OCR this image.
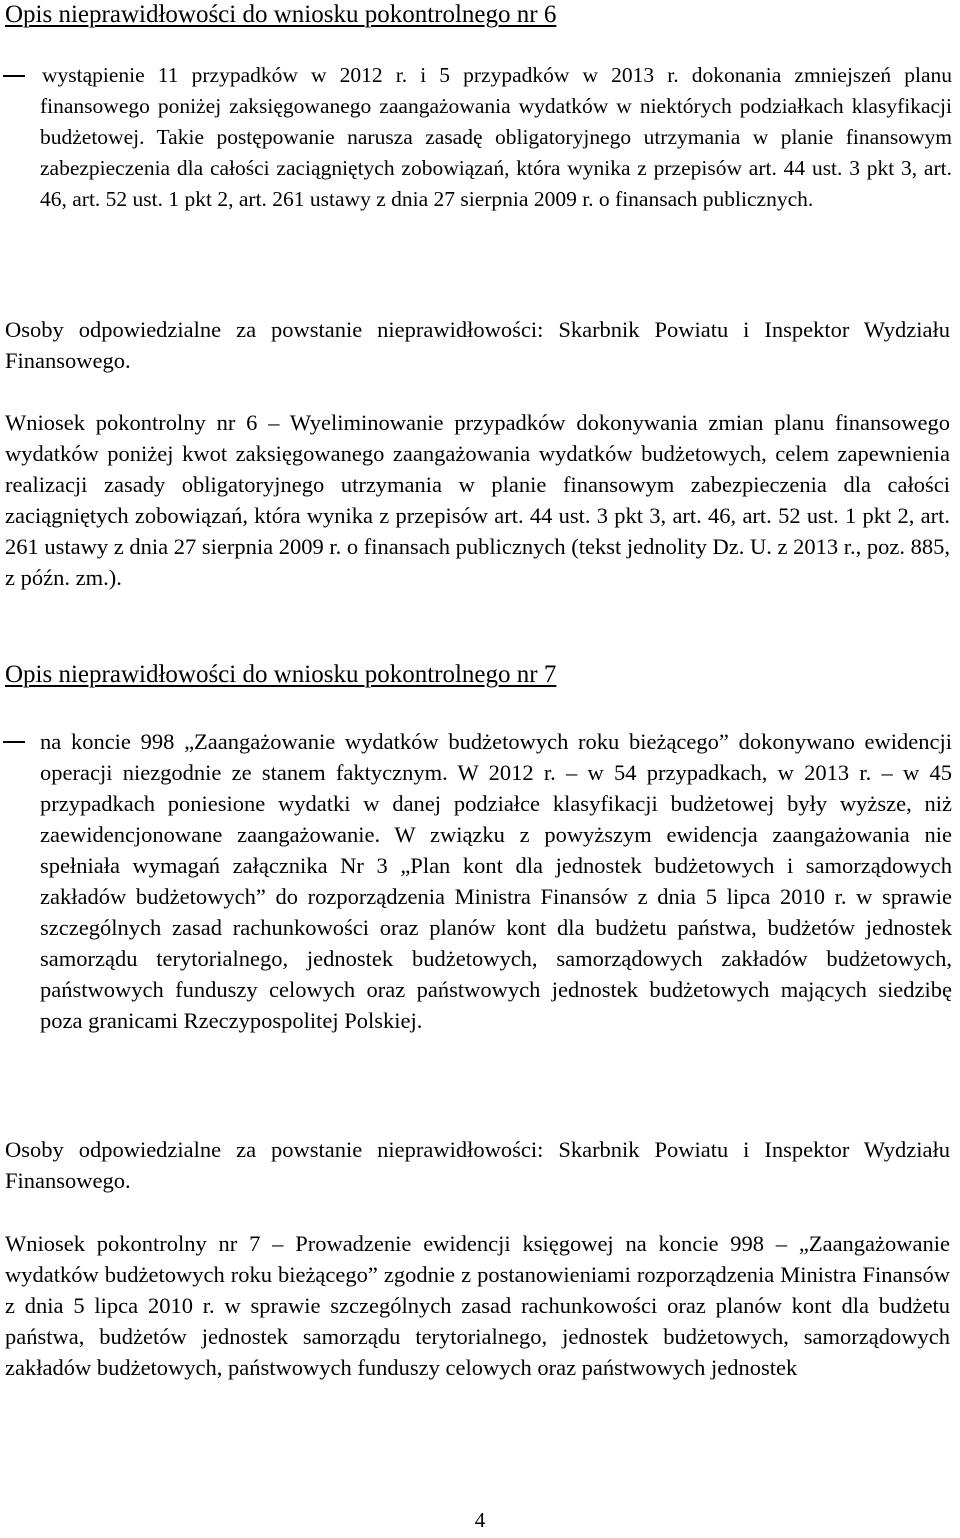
Opis nieprawidłowości do wniosku pokontrolnego nr 6

wystąpienie 11 przypadków w 2012 r. i 5 przypadków w 2013 r. dokonania zmniejszeń planu finansowego poniżej zaksięgowanego zaangażowania wydatków w niektórych podziałkach klasyfikacji budżetowej. Takie postępowanie narusza zasadę obligatoryjnego utrzymania w planie finansowym zabezpieczenia dla całości zaciągniętych zobowiązań, która wynika z przepisów art. 44 ust. 3 pkt 3, art. 46, art. 52 ust. 1 pkt 2, art. 261 ustawy z dnia 27 sierpnia 2009 r. o finansach publicznych.

Osoby odpowiedzialne za powstanie nieprawidłowości: Skarbnik Powiatu i Inspektor Wydziału Finansowego.

Wniosek pokontrolny nr 6 – Wyeliminowanie przypadków dokonywania zmian planu finansowego wydatków poniżej kwot zaksięgowanego zaangażowania wydatków budżetowych, celem zapewnienia realizacji zasady obligatoryjnego utrzymania w planie finansowym zabezpieczenia dla całości zaciągniętych zobowiązań, która wynika z przepisów art. 44 ust. 3 pkt 3, art. 46, art. 52 ust. 1 pkt 2, art. 261 ustawy z dnia 27 sierpnia 2009 r. o finansach publicznych (tekst jednolity Dz. U. z 2013 r., poz. 885, z późn. zm.).

Opis nieprawidłowości do wniosku pokontrolnego nr 7

na koncie 998 „Zaangażowanie wydatków budżetowych roku bieżącego” dokonywano ewidencji operacji niezgodnie ze stanem faktycznym. W 2012 r. – w 54 przypadkach, w 2013 r. – w 45 przypadkach poniesione wydatki w danej podziałce klasyfikacji budżetowej były wyższe, niż zaewidencjonowane zaangażowanie. W związku z powyższym ewidencja zaangażowania nie spełniała wymagań załącznika Nr 3 „Plan kont dla jednostek budżetowych i samorządowych zakładów budżetowych” do rozporządzenia Ministra Finansów z dnia 5 lipca 2010 r. w sprawie szczególnych zasad rachunkowości oraz planów kont dla budżetu państwa, budżetów jednostek samorządu terytorialnego, jednostek budżetowych, samorządowych zakładów budżetowych, państwowych funduszy celowych oraz państwowych jednostek budżetowych mających siedzibę poza granicami Rzeczypospolitej Polskiej.

Osoby odpowiedzialne za powstanie nieprawidłowości: Skarbnik Powiatu i Inspektor Wydziału Finansowego.

Wniosek pokontrolny nr 7 – Prowadzenie ewidencji księgowej na koncie 998 – „Zaangażowanie wydatków budżetowych roku bieżącego” zgodnie z postanowieniami rozporządzenia Ministra Finansów z dnia 5 lipca 2010 r. w sprawie szczególnych zasad rachunkowości oraz planów kont dla budżetu państwa, budżetów jednostek samorządu terytorialnego, jednostek budżetowych, samorządowych zakładów budżetowych, państwowych funduszy celowych oraz państwowych jednostek

4
